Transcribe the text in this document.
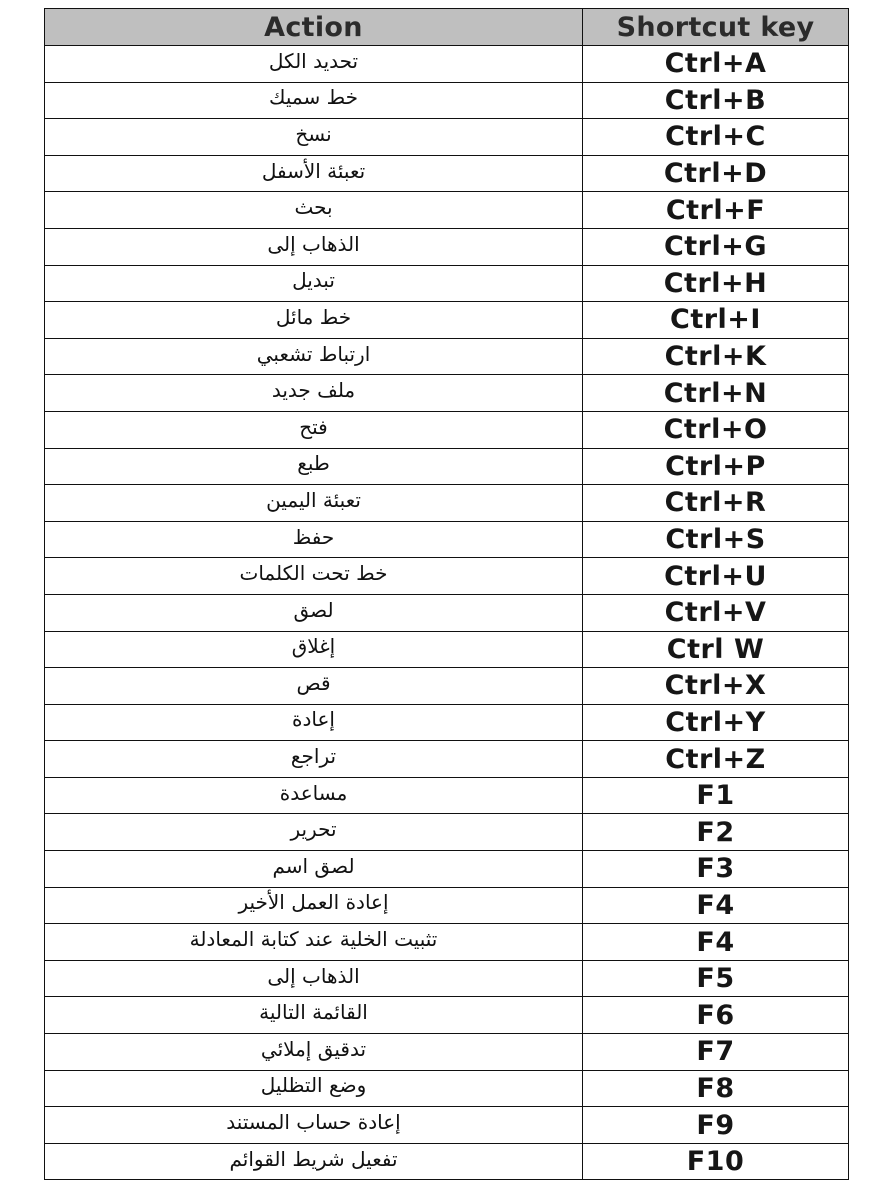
Action	Shortcut key
تحديد الكل	Ctrl+A
خط سميك	Ctrl+B
نسخ	Ctrl+C
تعبئة الأسفل	Ctrl+D
بحث	Ctrl+F
الذهاب إلى	Ctrl+G
تبديل	Ctrl+H
خط مائل	Ctrl+I
ارتباط تشعبي	Ctrl+K
ملف جديد	Ctrl+N
فتح	Ctrl+O
طبع	Ctrl+P
تعبئة اليمين	Ctrl+R
حفظ	Ctrl+S
خط تحت الكلمات	Ctrl+U
لصق	Ctrl+V
إغلاق	Ctrl W
قص	Ctrl+X
إعادة	Ctrl+Y
تراجع	Ctrl+Z
مساعدة	F1
تحرير	F2
لصق اسم	F3
إعادة العمل الأخير	F4
تثبيت الخلية عند كتابة المعادلة	F4
الذهاب إلى	F5
القائمة التالية	F6
تدقيق إملائي	F7
وضع التظليل	F8
إعادة حساب المستند	F9
تفعيل شريط القوائم	F10
